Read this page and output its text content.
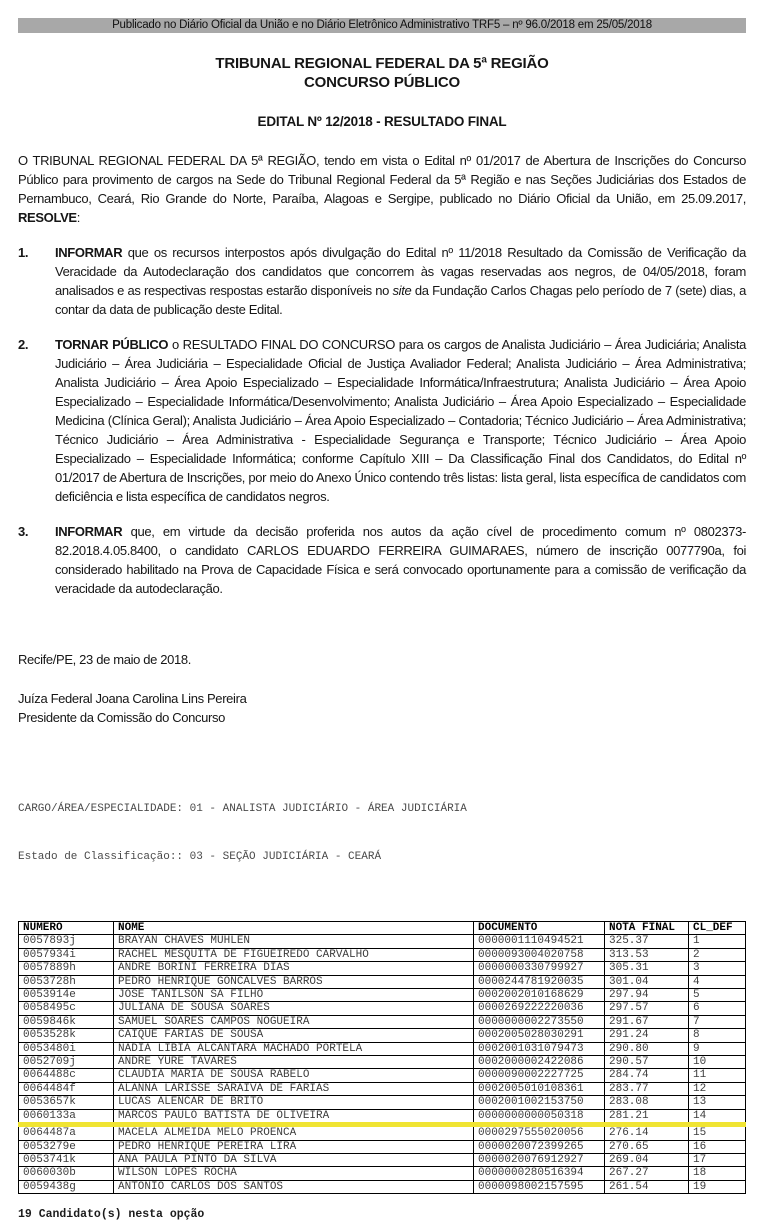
Publicado no Diário Oficial da União e no Diário Eletrônico Administrativo TRF5 – nº 96.0/2018 em 25/05/2018
TRIBUNAL REGIONAL FEDERAL DA 5ª REGIÃO
CONCURSO PÚBLICO
EDITAL Nº 12/2018 - RESULTADO FINAL
O TRIBUNAL REGIONAL FEDERAL DA 5ª REGIÃO, tendo em vista o Edital nº 01/2017 de Abertura de Inscrições do Concurso Público para provimento de cargos na Sede do Tribunal Regional Federal da 5ª Região e nas Seções Judiciárias dos Estados de Pernambuco, Ceará, Rio Grande do Norte, Paraíba, Alagoas e Sergipe, publicado no Diário Oficial da União, em 25.09.2017, RESOLVE:
1.	INFORMAR que os recursos interpostos após divulgação do Edital nº 11/2018 Resultado da Comissão de Verificação da Veracidade da Autodeclaração dos candidatos que concorrem às vagas reservadas aos negros, de 04/05/2018, foram analisados e as respectivas respostas estarão disponíveis no site da Fundação Carlos Chagas pelo período de 7 (sete) dias, a contar da data de publicação deste Edital.
2.	TORNAR PÚBLICO o RESULTADO FINAL DO CONCURSO para os cargos de Analista Judiciário – Área Judiciária; Analista Judiciário – Área Judiciária – Especialidade Oficial de Justiça Avaliador Federal; Analista Judiciário – Área Administrativa; Analista Judiciário – Área Apoio Especializado – Especialidade Informática/Infraestrutura; Analista Judiciário – Área Apoio Especializado – Especialidade Informática/Desenvolvimento; Analista Judiciário – Área Apoio Especializado – Especialidade Medicina (Clínica Geral); Analista Judiciário – Área Apoio Especializado – Contadoria; Técnico Judiciário – Área Administrativa; Técnico Judiciário – Área Administrativa - Especialidade Segurança e Transporte; Técnico Judiciário – Área Apoio Especializado – Especialidade Informática; conforme Capítulo XIII – Da Classificação Final dos Candidatos, do Edital nº 01/2017 de Abertura de Inscrições, por meio do Anexo Único contendo três listas: lista geral, lista específica de candidatos com deficiência e lista específica de candidatos negros.
3.	INFORMAR que, em virtude da decisão proferida nos autos da ação cível de procedimento comum nº 0802373-82.2018.4.05.8400, o candidato CARLOS EDUARDO FERREIRA GUIMARAES, número de inscrição 0077790a, foi considerado habilitado na Prova de Capacidade Física e será convocado oportunamente para a comissão de verificação da veracidade da autodeclaração.
Recife/PE, 23 de maio de 2018.
Juíza Federal Joana Carolina Lins Pereira
Presidente da Comissão do Concurso

CARGO/ÁREA/ESPECIALIDADE: 01 - ANALISTA JUDICIÁRIO - ÁREA JUDICIÁRIA

Estado de Classificação:: 03 - SEÇÃO JUDICIÁRIA - CEARÁ

NÚMERO	NOME	DOCUMENTO	NOTA FINAL	CL_DEF
0057893j	BRAYAN CHAVES MUHLEN	0000001110494521	325.37	1
0057934i	RACHEL MESQUITA DE FIGUEIREDO CARVALHO	0000093004020758	313.53	2
0057889h	ANDRE BORINI FERREIRA DIAS	0000000330799927	305.31	3
0053728h	PEDRO HENRIQUE GONCALVES BARROS	0000244781920035	301.04	4
0053914e	JOSE TANILSON SA FILHO	0002002010168629	297.94	5
0058495c	JULIANA DE SOUSA SOARES	0000269222220036	297.57	6
0059846k	SAMUEL SOARES CAMPOS NOGUEIRA	0000000002273550	291.67	7
0053528k	CAIQUE FARIAS DE SOUSA	0002005028030291	291.24	8
0053480i	NADIA LIBIA ALCANTARA MACHADO PORTELA	0002001031079473	290.80	9
0052709j	ANDRE YURE TAVARES	0002000002422086	290.57	10
0064488c	CLAUDIA MARIA DE SOUSA RABELO	0000090002227725	284.74	11
0064484f	ALANNA LARISSE SARAIVA DE FARIAS	0002005010108361	283.77	12
0053657k	LUCAS ALENCAR DE BRITO	0002001002153750	283.08	13
0060133a	MARCOS PAULO BATISTA DE OLIVEIRA	0000000000050318	281.21	14
0064487a	MACELA ALMEIDA MELO PROENCA	0000297555020056	276.14	15
0053279e	PEDRO HENRIQUE PEREIRA LIRA	0000020072399265	270.65	16
0053741k	ANA PAULA PINTO DA SILVA	0000020076912927	269.04	17
0060030b	WILSON LOPES ROCHA	0000000280516394	267.27	18
0059438g	ANTONIO CARLOS DOS SANTOS	0000098002157595	261.54	19
19 Candidato(s) nesta opção
